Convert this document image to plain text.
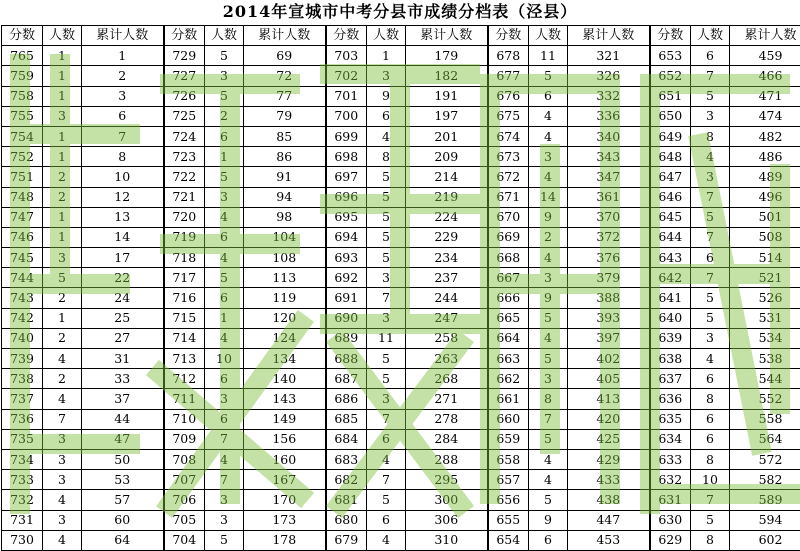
2014年宣城市中考分县市成绩分档表（泾县）
分数	人数	累计人数	分数	人数	累计人数	分数	人数	累计人数	分数	人数	累计人数	分数	人数	累计人数
765	1	1	729	5	69	703	1	179	678	11	321	653	6	459
759	1	2	727	3	72	702	3	182	677	5	326	652	7	466
758	1	3	726	5	77	701	9	191	676	6	332	651	5	471
755	3	6	725	2	79	700	6	197	675	4	336	650	3	474
754	1	7	724	6	85	699	4	201	674	4	340	649	8	482
752	1	8	723	1	86	698	8	209	673	3	343	648	4	486
751	2	10	722	5	91	697	5	214	672	4	347	647	3	489
748	2	12	721	3	94	696	5	219	671	14	361	646	7	496
747	1	13	720	4	98	695	5	224	670	9	370	645	5	501
746	1	14	719	6	104	694	5	229	669	2	372	644	7	508
745	3	17	718	4	108	693	5	234	668	4	376	643	6	514
744	5	22	717	5	113	692	3	237	667	3	379	642	7	521
743	2	24	716	6	119	691	7	244	666	9	388	641	5	526
742	1	25	715	1	120	690	3	247	665	5	393	640	5	531
740	2	27	714	4	124	689	11	258	664	4	397	639	3	534
739	4	31	713	10	134	688	5	263	663	5	402	638	4	538
738	2	33	712	6	140	687	5	268	662	3	405	637	6	544
737	4	37	711	3	143	686	3	271	661	8	413	636	8	552
736	7	44	710	6	149	685	7	278	660	7	420	635	6	558
735	3	47	709	7	156	684	6	284	659	5	425	634	6	564
734	3	50	708	4	160	683	4	288	658	4	429	633	8	572
733	3	53	707	7	167	682	7	295	657	4	433	632	10	582
732	4	57	706	3	170	681	5	300	656	5	438	631	7	589
731	3	60	705	3	173	680	6	306	655	9	447	630	5	594
730	4	64	704	5	178	679	4	310	654	6	453	629	8	602
